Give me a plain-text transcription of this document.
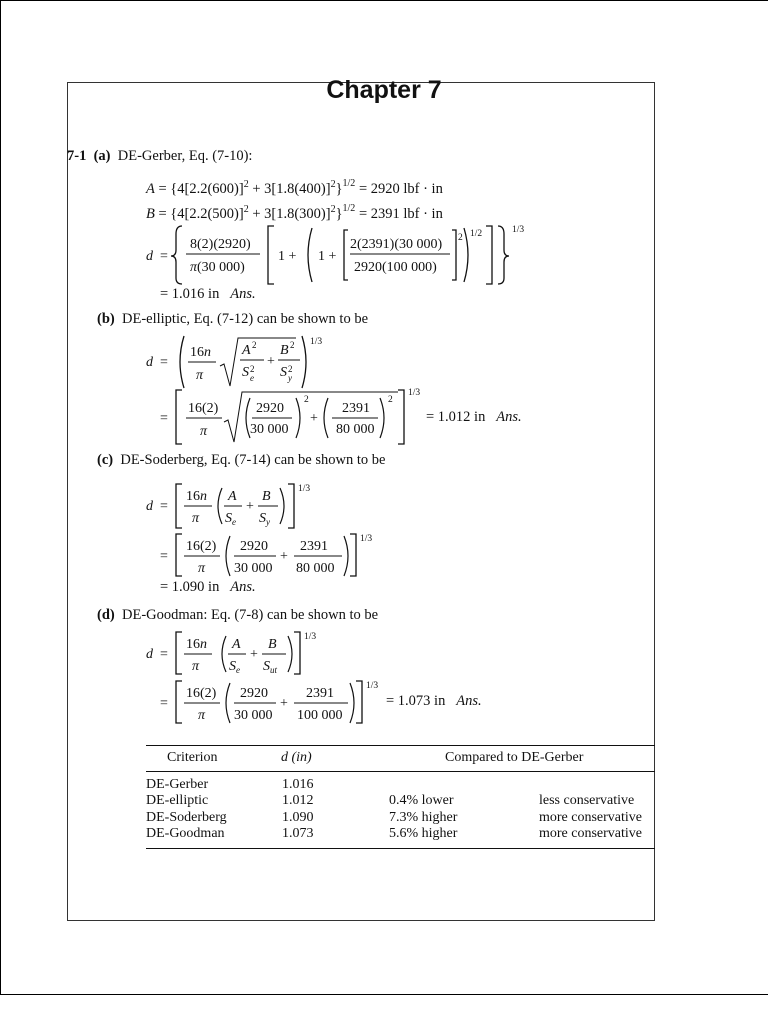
Chapter 7
7-1 (a) DE-Gerber, Eq. (7-10):
$A = \{4[2.2(600)]^2 + 3[1.8(400)]^2\}^{1/2} = 2920$ lbf · in
$B = \{4[2.2(500)]^2 + 3[1.8(300)]^2\}^{1/2} = 2391$ lbf · in
d =
8(2)(2920)
π(30 000)
1 + 1 +
2(2391)(30 000)
2920(100 000)
2 1/2	1/3
= 1.016 in Ans.
(b) DE-elliptic, Eq. (7-12) can be shown to be
d =
16n
π
A 2
S 2
e
+
B 2
S 2
y
1/3
=
16(2)
π
2920
30 000
2
+
2391
80 000
2
1/3
= 1.012 in Ans.
(c) DE-Soderberg, Eq. (7-14) can be shown to be
d =
16n
π
A
$S_e$
+
B
$S_y$
1/3
=
16(2)
π
2920
30 000
+
2391
80 000
1/3
= 1.090 in Ans.
(d) DE-Goodman: Eq. (7-8) can be shown to be
d =
16n
π
A
$S_e$
+
B
$S_{ut}$
1/3
=
16(2)
π
2920
30 000
+
2391
100 000
1/3
= 1.073 in Ans.
Criterion	d (in)	Compared to DE-Gerber
DE-Gerber	1.016
DE-elliptic	1.012	0.4% lower	less conservative
DE-Soderberg	1.090	7.3% higher	more conservative
DE-Goodman	1.073	5.6% higher	more conservative
